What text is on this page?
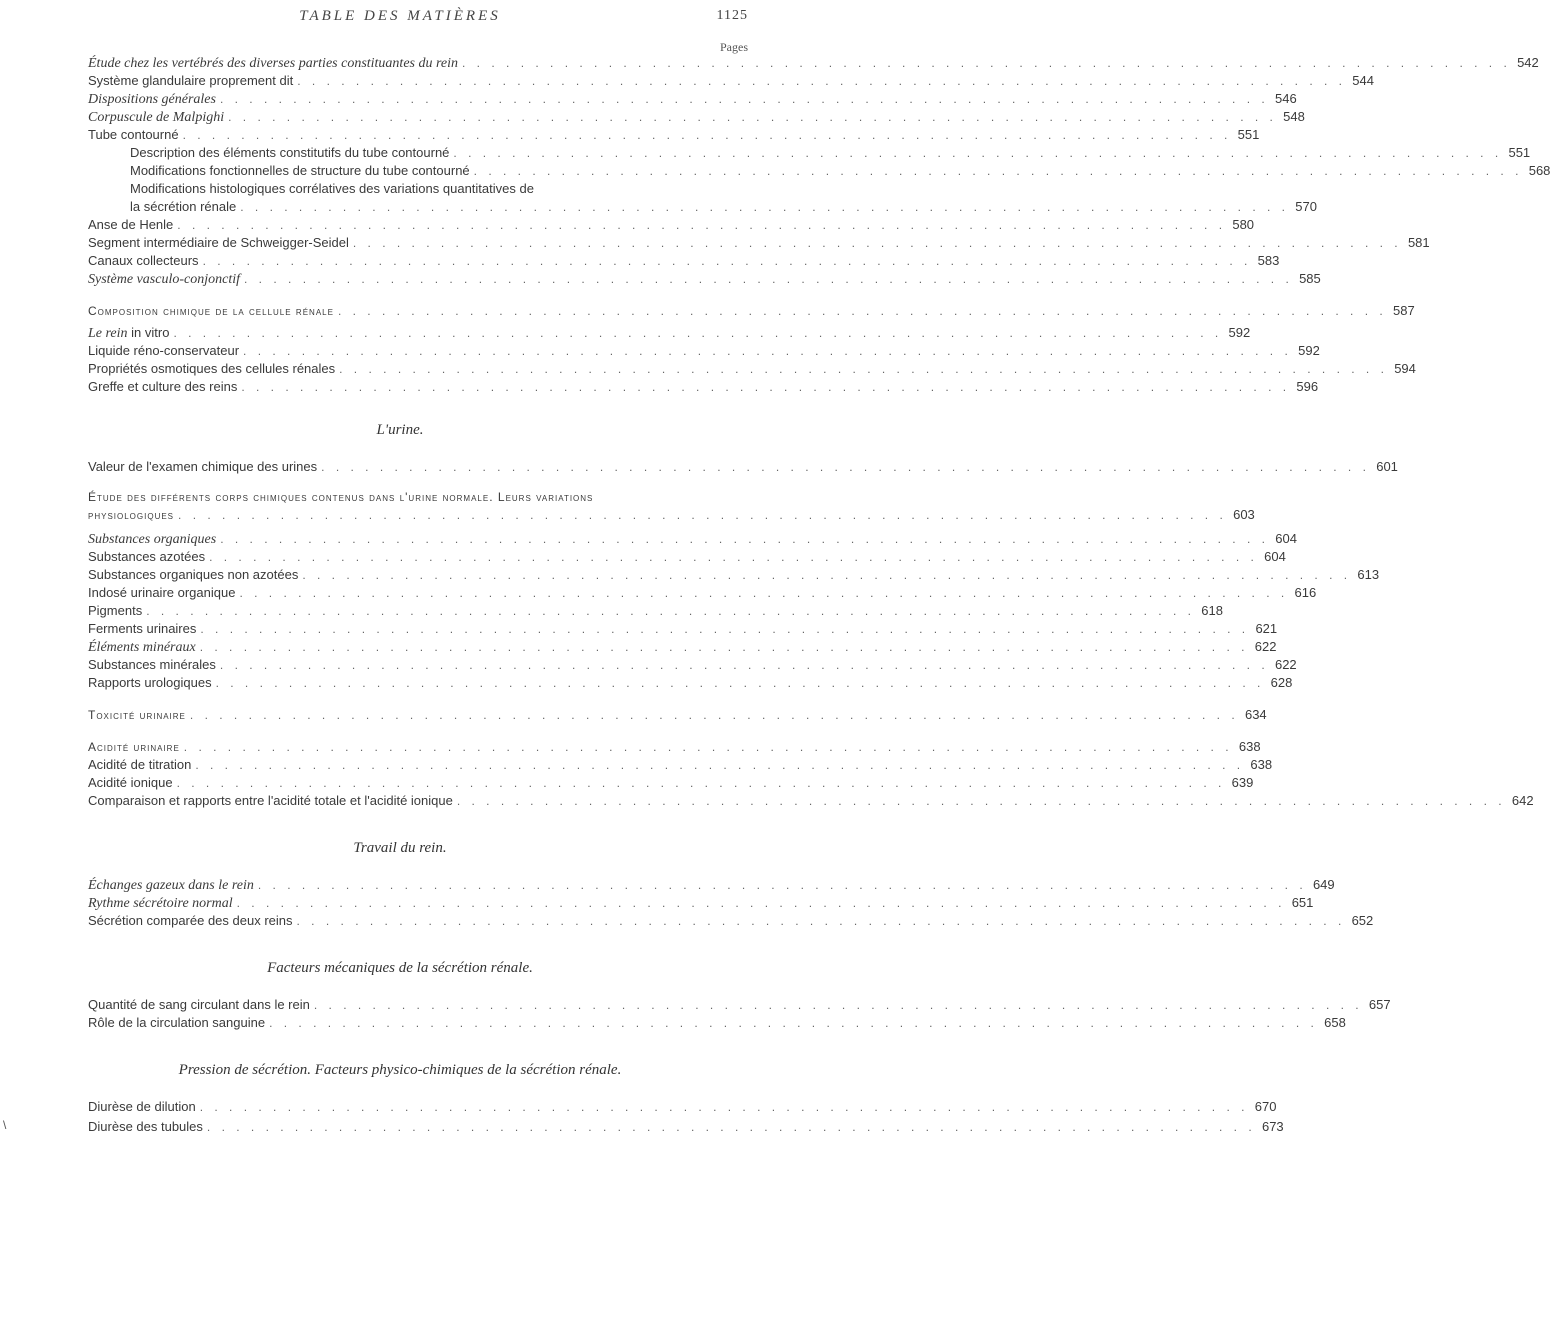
TABLE DES MATIÈRES	1125
Pages
Étude chez les vertébrés des diverses parties constituantes du rein . . . . . . . . . . . . . . . . . . . . . . . . . . . . . . . . . . . . . . . . . . . . . . . . . . . . . . . . . . . . . . . . . . . . . . . . 542
Système glandulaire proprement dit . . . . . . . . . . . . . . . . . . . . . . . . . . . . . . . . . . . . . . . . . . . . . . . . . . . . . . . . . . . . . . . . . . . . . . . . 544
Dispositions générales . . . . . . . . . . . . . . . . . . . . . . . . . . . . . . . . . . . . . . . . . . . . . . . . . . . . . . . . . . . . . . . . . . . . . . . . 546
Corpuscule de Malpighi . . . . . . . . . . . . . . . . . . . . . . . . . . . . . . . . . . . . . . . . . . . . . . . . . . . . . . . . . . . . . . . . . . . . . . . . 548
Tube contourné . . . . . . . . . . . . . . . . . . . . . . . . . . . . . . . . . . . . . . . . . . . . . . . . . . . . . . . . . . . . . . . . . . . . . . . . 551
Description des éléments constitutifs du tube contourné . . . . . . . . . . . . . . . . . . . . . . . . . . . . . . . . . . . . . . . . . . . . . . . . . . . . . . . . . . . . . . . . . . . . . . . . 551
Modifications fonctionnelles de structure du tube contourné . . . . . . . . . . . . . . . . . . . . . . . . . . . . . . . . . . . . . . . . . . . . . . . . . . . . . . . . . . . . . . . . . . . . . . . . 568
Modifications histologiques corrélatives des variations quantitatives de
la sécrétion rénale . . . . . . . . . . . . . . . . . . . . . . . . . . . . . . . . . . . . . . . . . . . . . . . . . . . . . . . . . . . . . . . . . . . . . . . . 570
Anse de Henle . . . . . . . . . . . . . . . . . . . . . . . . . . . . . . . . . . . . . . . . . . . . . . . . . . . . . . . . . . . . . . . . . . . . . . . . 580
Segment intermédiaire de Schweigger-Seidel . . . . . . . . . . . . . . . . . . . . . . . . . . . . . . . . . . . . . . . . . . . . . . . . . . . . . . . . . . . . . . . . . . . . . . . . 581
Canaux collecteurs . . . . . . . . . . . . . . . . . . . . . . . . . . . . . . . . . . . . . . . . . . . . . . . . . . . . . . . . . . . . . . . . . . . . . . . . 583
Système vasculo-conjonctif . . . . . . . . . . . . . . . . . . . . . . . . . . . . . . . . . . . . . . . . . . . . . . . . . . . . . . . . . . . . . . . . . . . . . . . . 585
Composition chimique de la cellule rénale . . . . . . . . . . . . . . . . . . . . . . . . . . . . . . . . . . . . . . . . . . . . . . . . . . . . . . . . . . . . . . . . . . . . . . . . 587
Le rein in vitro . . . . . . . . . . . . . . . . . . . . . . . . . . . . . . . . . . . . . . . . . . . . . . . . . . . . . . . . . . . . . . . . . . . . . . . . 592
Liquide réno-conservateur . . . . . . . . . . . . . . . . . . . . . . . . . . . . . . . . . . . . . . . . . . . . . . . . . . . . . . . . . . . . . . . . . . . . . . . . 592
Propriétés osmotiques des cellules rénales . . . . . . . . . . . . . . . . . . . . . . . . . . . . . . . . . . . . . . . . . . . . . . . . . . . . . . . . . . . . . . . . . . . . . . . . 594
Greffe et culture des reins . . . . . . . . . . . . . . . . . . . . . . . . . . . . . . . . . . . . . . . . . . . . . . . . . . . . . . . . . . . . . . . . . . . . . . . . 596
L'urine.
Valeur de l'examen chimique des urines . . . . . . . . . . . . . . . . . . . . . . . . . . . . . . . . . . . . . . . . . . . . . . . . . . . . . . . . . . . . . . . . . . . . . . . . 601
Étude des différents corps chimiques contenus dans l'urine normale. Leurs variations
physiologiques . . . . . . . . . . . . . . . . . . . . . . . . . . . . . . . . . . . . . . . . . . . . . . . . . . . . . . . . . . . . . . . . . . . . . . . . 603
Substances organiques . . . . . . . . . . . . . . . . . . . . . . . . . . . . . . . . . . . . . . . . . . . . . . . . . . . . . . . . . . . . . . . . . . . . . . . . 604
Substances azotées . . . . . . . . . . . . . . . . . . . . . . . . . . . . . . . . . . . . . . . . . . . . . . . . . . . . . . . . . . . . . . . . . . . . . . . . 604
Substances organiques non azotées . . . . . . . . . . . . . . . . . . . . . . . . . . . . . . . . . . . . . . . . . . . . . . . . . . . . . . . . . . . . . . . . . . . . . . . . 613
Indosé urinaire organique . . . . . . . . . . . . . . . . . . . . . . . . . . . . . . . . . . . . . . . . . . . . . . . . . . . . . . . . . . . . . . . . . . . . . . . . 616
Pigments . . . . . . . . . . . . . . . . . . . . . . . . . . . . . . . . . . . . . . . . . . . . . . . . . . . . . . . . . . . . . . . . . . . . . . . . 618
Ferments urinaires . . . . . . . . . . . . . . . . . . . . . . . . . . . . . . . . . . . . . . . . . . . . . . . . . . . . . . . . . . . . . . . . . . . . . . . . 621
Éléments minéraux . . . . . . . . . . . . . . . . . . . . . . . . . . . . . . . . . . . . . . . . . . . . . . . . . . . . . . . . . . . . . . . . . . . . . . . . 622
Substances minérales . . . . . . . . . . . . . . . . . . . . . . . . . . . . . . . . . . . . . . . . . . . . . . . . . . . . . . . . . . . . . . . . . . . . . . . . 622
Rapports urologiques . . . . . . . . . . . . . . . . . . . . . . . . . . . . . . . . . . . . . . . . . . . . . . . . . . . . . . . . . . . . . . . . . . . . . . . . 628
Toxicité urinaire . . . . . . . . . . . . . . . . . . . . . . . . . . . . . . . . . . . . . . . . . . . . . . . . . . . . . . . . . . . . . . . . . . . . . . . . 634
Acidité urinaire . . . . . . . . . . . . . . . . . . . . . . . . . . . . . . . . . . . . . . . . . . . . . . . . . . . . . . . . . . . . . . . . . . . . . . . . 638
Acidité de titration . . . . . . . . . . . . . . . . . . . . . . . . . . . . . . . . . . . . . . . . . . . . . . . . . . . . . . . . . . . . . . . . . . . . . . . . 638
Acidité ionique . . . . . . . . . . . . . . . . . . . . . . . . . . . . . . . . . . . . . . . . . . . . . . . . . . . . . . . . . . . . . . . . . . . . . . . . 639
Comparaison et rapports entre l'acidité totale et l'acidité ionique . . . . . . . . . . . . . . . . . . . . . . . . . . . . . . . . . . . . . . . . . . . . . . . . . . . . . . . . . . . . . . . . . . . . . . . . 642
Travail du rein.
Échanges gazeux dans le rein . . . . . . . . . . . . . . . . . . . . . . . . . . . . . . . . . . . . . . . . . . . . . . . . . . . . . . . . . . . . . . . . . . . . . . . . 649
Rythme sécrétoire normal . . . . . . . . . . . . . . . . . . . . . . . . . . . . . . . . . . . . . . . . . . . . . . . . . . . . . . . . . . . . . . . . . . . . . . . . 651
Sécrétion comparée des deux reins . . . . . . . . . . . . . . . . . . . . . . . . . . . . . . . . . . . . . . . . . . . . . . . . . . . . . . . . . . . . . . . . . . . . . . . . 652
Facteurs mécaniques de la sécrétion rénale.
Quantité de sang circulant dans le rein . . . . . . . . . . . . . . . . . . . . . . . . . . . . . . . . . . . . . . . . . . . . . . . . . . . . . . . . . . . . . . . . . . . . . . . . 657
Rôle de la circulation sanguine . . . . . . . . . . . . . . . . . . . . . . . . . . . . . . . . . . . . . . . . . . . . . . . . . . . . . . . . . . . . . . . . . . . . . . . . 658
Pression de sécrétion. Facteurs physico-chimiques de la sécrétion rénale.
Diurèse de dilution . . . . . . . . . . . . . . . . . . . . . . . . . . . . . . . . . . . . . . . . . . . . . . . . . . . . . . . . . . . . . . . . . . . . . . . . 670
Diurèse des tubules . . . . . . . . . . . . . . . . . . . . . . . . . . . . . . . . . . . . . . . . . . . . . . . . . . . . . . . . . . . . . . . . . . . . . . . . 673
\
